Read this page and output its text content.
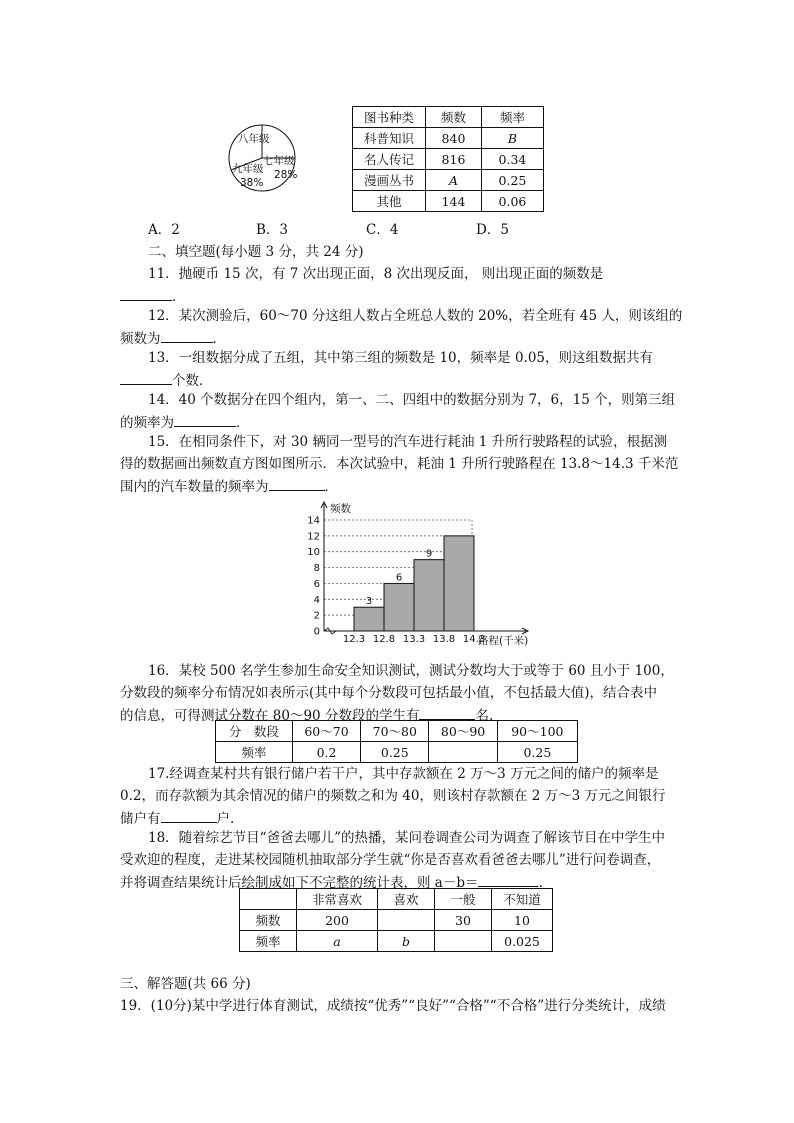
八年级
七年级
28%
九年级
38%
图书种类	频数	频率
科普知识	840	B
名人传记	816	0.34
漫画丛书	A	0.25
其他	144	0.06
A．2	B．3	C．4	D．5
二、填空题(每小题 3 分，共 24 分)
11．抛硬币 15 次，有 7 次出现正面，8 次出现反面， 则出现正面的频数是
．
12．某次测验后，60～70 分这组人数占全班总人数的 20%，若全班有 45 人，则该组的
频数为	．
13．一组数据分成了五组，其中第三组的频数是 10，频率是 0.05，则这组数据共有
个数．
14．40 个数据分在四个组内，第一、二、四组中的数据分别为 7，6，15 个，则第三组
的频率为	．
15．在相同条件下，对 30 辆同一型号的汽车进行耗油 1 升所行驶路程的试验，根据测
得的数据画出频数直方图如图所示．本次试验中，耗油 1 升所行驶路程在 13.8～14.3 千米范
围内的汽车数量的频率为	．
0
2
4
6
8
10
12
14
3
6
9
12.3 12.8 13.3 13.8 14.3
频数
路程(千米)
16．某校 500 名学生参加生命安全知识测试，测试分数均大于或等于 60 且小于 100，
分数段的频率分布情况如表所示(其中每个分数段可包括最小值，不包括最大值)，结合表中
的信息，可得测试分数在 80～90 分数段的学生有	名.
分　数段	60～70	70～80	80～90	90～100
频率	0.2	0.25		0.25
17.经调查某村共有银行储户若干户，其中存款额在 2 万～3 万元之间的储户的频率是
0.2，而存款额为其余情况的储户的频数之和为 40，则该村存款额在 2 万～3 万元之间银行
储户有	户.
18．随着综艺节目“爸爸去哪儿”的热播，某问卷调查公司为调查了解该节目在中学生中
受欢迎的程度，走进某校园随机抽取部分学生就“你是否喜欢看爸爸去哪儿”进行问卷调查，
并将调查结果统计后绘制成如下不完整的统计表，则 a－b＝	.
	非常喜欢	喜欢	一般	不知道
频数	200		30	10
频率	a	b		0.025
三、解答题(共 66 分)
19．(10分)某中学进行体育测试，成绩按“优秀”“良好”“合格”“不合格”进行分类统计，成绩
